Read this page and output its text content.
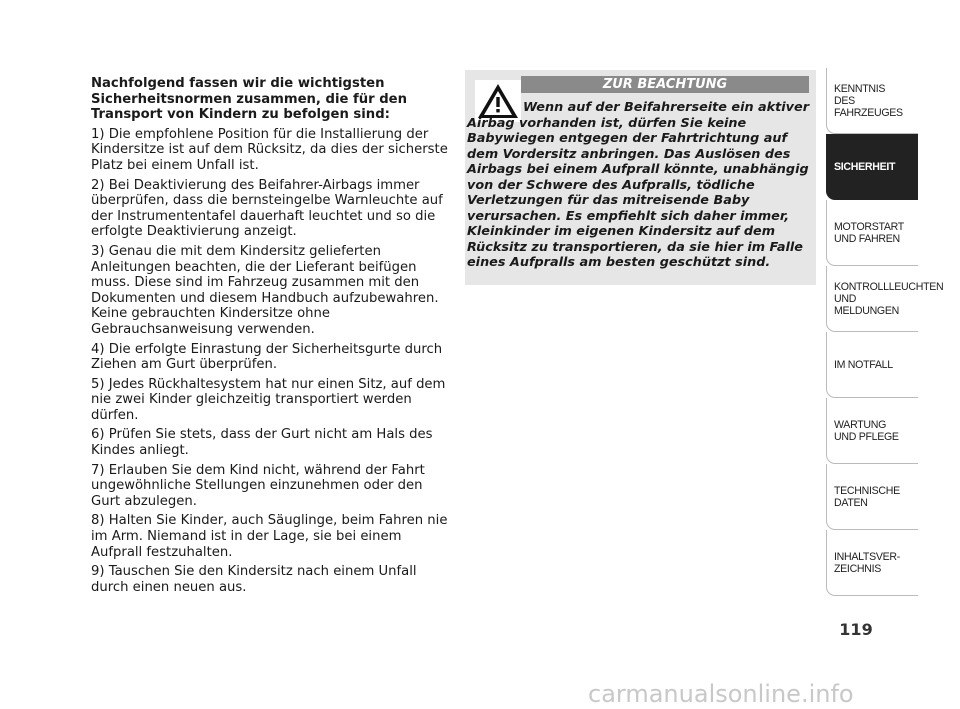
Nachfolgend fassen wir die wichtigsten Sicherheitsnormen zusammen, die für den Transport von Kindern zu befolgen sind:

1) Die empfohlene Position für die Installierung der Kindersitze ist auf dem Rücksitz, da dies der sicherste Platz bei einem Unfall ist.

2) Bei Deaktivierung des Beifahrer-Airbags immer überprüfen, dass die bernsteingelbe Warnleuchte auf der Instrumententafel dauerhaft leuchtet und so die erfolgte Deaktivierung anzeigt.

3) Genau die mit dem Kindersitz gelieferten Anleitungen beachten, die der Lieferant beifügen muss. Diese sind im Fahrzeug zusammen mit den Dokumenten und diesem Handbuch aufzubewahren. Keine gebrauchten Kindersitze ohne Gebrauchsanweisung verwenden.

4) Die erfolgte Einrastung der Sicherheitsgurte durch Ziehen am Gurt überprüfen.

5) Jedes Rückhaltesystem hat nur einen Sitz, auf dem nie zwei Kinder gleichzeitig transportiert werden dürfen.

6) Prüfen Sie stets, dass der Gurt nicht am Hals des Kindes anliegt.

7) Erlauben Sie dem Kind nicht, während der Fahrt ungewöhnliche Stellungen einzunehmen oder den Gurt abzulegen.

8) Halten Sie Kinder, auch Säuglinge, beim Fahren nie im Arm. Niemand ist in der Lage, sie bei einem Aufprall festzuhalten.

9) Tauschen Sie den Kindersitz nach einem Unfall durch einen neuen aus.

ZUR BEACHTUNG

Wenn auf der Beifahrerseite ein aktiver Airbag vorhanden ist, dürfen Sie keine Babywiegen entgegen der Fahrtrichtung auf dem Vordersitz anbringen. Das Auslösen des Airbags bei einem Aufprall könnte, unabhängig von der Schwere des Aufpralls, tödliche Verletzungen für das mitreisende Baby verursachen. Es empfiehlt sich daher immer, Kleinkinder im eigenen Kindersitz auf dem Rücksitz zu transportieren, da sie hier im Falle eines Aufpralls am besten geschützt sind.

KENNTNIS
DES FAHRZEUGES
SICHERHEIT
MOTORSTART
UND FAHREN
KONTROLLLEUCHTEN
UND MELDUNGEN
IM NOTFALL
WARTUNG
UND PFLEGE
TECHNISCHE
DATEN
INHALTSVER-
ZEICHNIS
119
carmanualsonline.info
